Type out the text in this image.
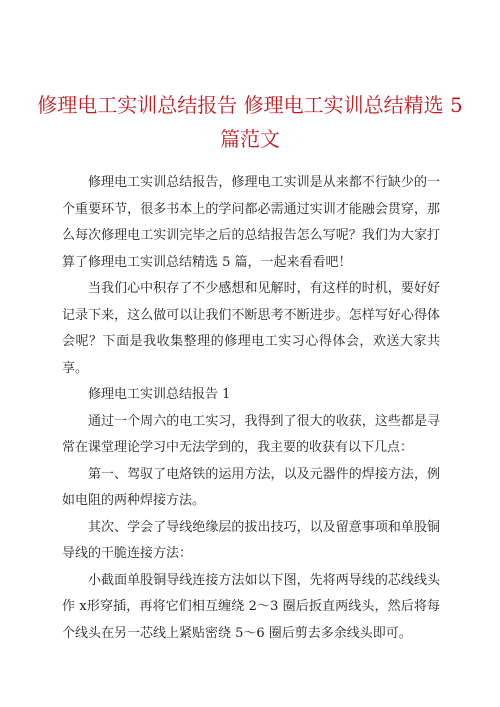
修理电工实训总结报告 修理电工实训总结精选 5 篇范文

修理电工实训总结报告，修理电工实训是从来都不行缺少的一个重要环节，很多书本上的学问都必需通过实训才能融会贯穿，那么每次修理电工实训完毕之后的总结报告怎么写呢？我们为大家打算了修理电工实训总结精选 5 篇，一起来看看吧！

当我们心中积存了不少感想和见解时，有这样的时机，要好好记录下来，这么做可以让我们不断思考不断进步。怎样写好心得体会呢？下面是我收集整理的修理电工实习心得体会，欢送大家共享。

修理电工实训总结报告 1

通过一个周六的电工实习，我得到了很大的收获，这些都是寻常在课堂理论学习中无法学到的，我主要的收获有以下几点：

第一、驾驭了电烙铁的运用方法，以及元器件的焊接方法，例如电阻的两种焊接方法。

其次、学会了导线绝缘层的拔出技巧，以及留意事项和单股铜导线的干脆连接方法：

小截面单股铜导线连接方法如以下图，先将两导线的芯线线头作 x形穿插，再将它们相互缠绕 2～3 圈后扳直两线头，然后将每个线头在另一芯线上紧贴密绕 5～6 圈后剪去多余线头即可。
